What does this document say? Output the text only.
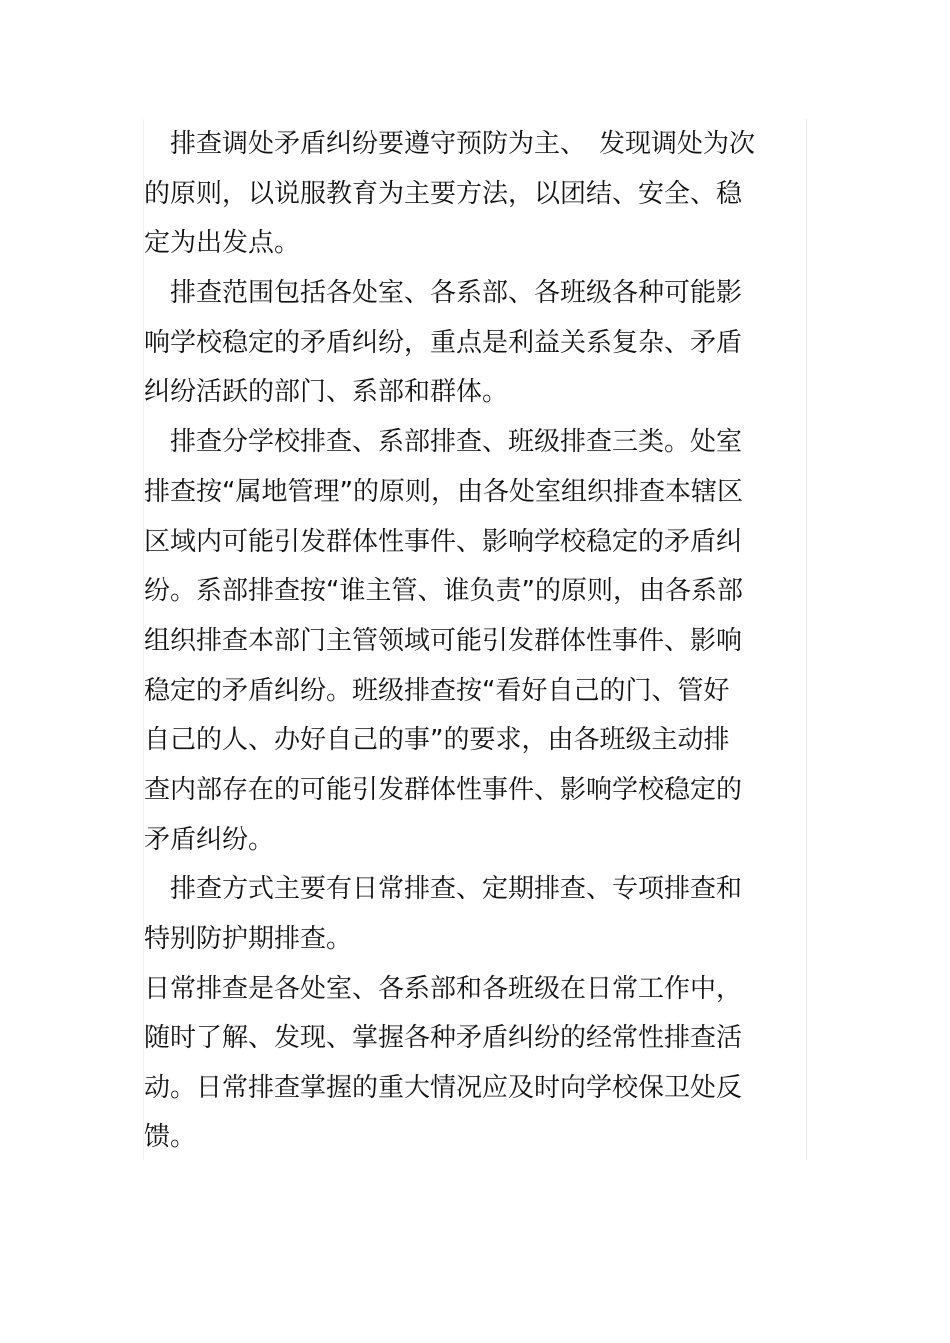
　排查调处矛盾纠纷要遵守预防为主、　发现调处为次
的原则，以说服教育为主要方法，以团结、安全、稳
定为出发点。
　排查范围包括各处室、各系部、各班级各种可能影
响学校稳定的矛盾纠纷，重点是利益关系复杂、矛盾
纠纷活跃的部门、系部和群体。
　排查分学校排查、系部排查、班级排查三类。处室
排查按“属地管理”的原则，由各处室组织排查本辖区
区域内可能引发群体性事件、影响学校稳定的矛盾纠
纷。系部排查按“谁主管、谁负责”的原则，由各系部
组织排查本部门主管领域可能引发群体性事件、影响
稳定的矛盾纠纷。班级排查按“看好自己的门、管好
自己的人、办好自己的事”的要求，由各班级主动排
查内部存在的可能引发群体性事件、影响学校稳定的
矛盾纠纷。
　排查方式主要有日常排查、定期排查、专项排查和
特别防护期排查。
日常排查是各处室、各系部和各班级在日常工作中，
随时了解、发现、掌握各种矛盾纠纷的经常性排查活
动。日常排查掌握的重大情况应及时向学校保卫处反
馈。
